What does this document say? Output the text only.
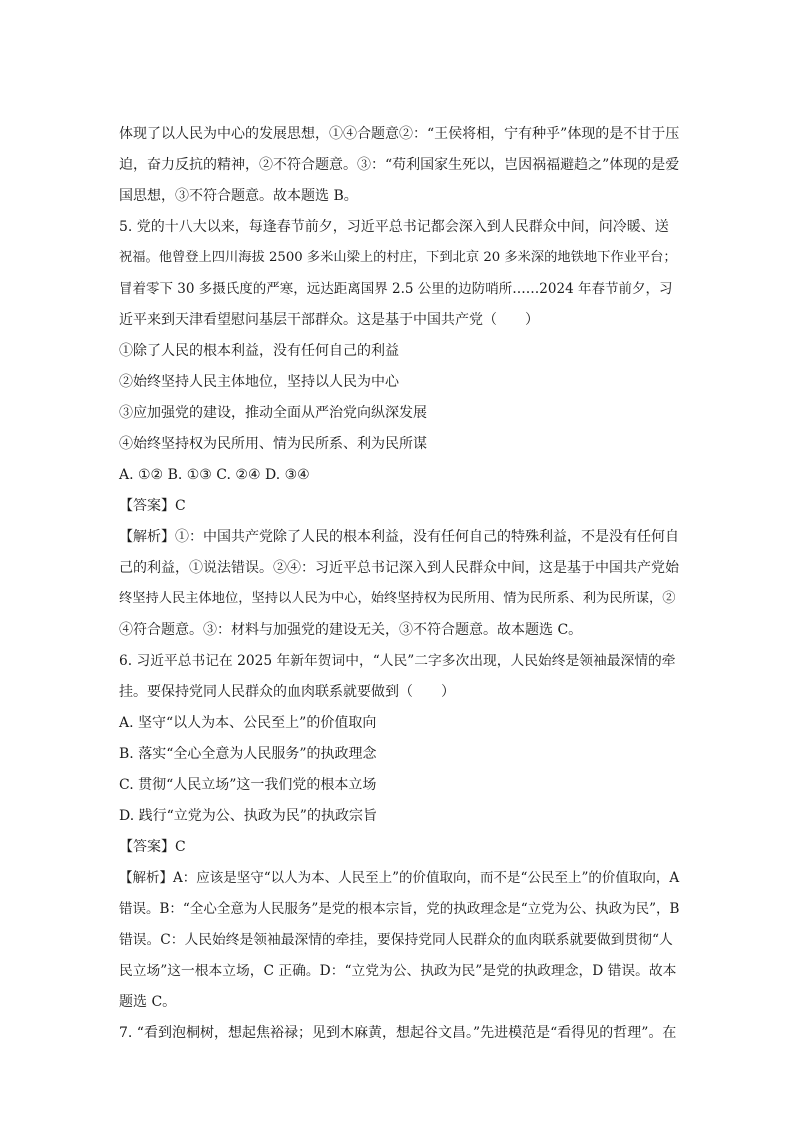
体现了以人民为中心的发展思想，①④合题意②：“王侯将相，宁有种乎”体现的是不甘于压
迫，奋力反抗的精神，②不符合题意。③：“苟利国家生死以，岂因祸福避趋之”体现的是爱
国思想，③不符合题意。故本题选 B。
5. 党的十八大以来，每逢春节前夕，习近平总书记都会深入到人民群众中间，问冷暖、送
祝福。他曾登上四川海拔 2500 多米山梁上的村庄，下到北京 20 多米深的地铁地下作业平台；
冒着零下 30 多摄氏度的严寒，远达距离国界 2.5 公里的边防哨所……2024 年春节前夕，习
近平来到天津看望慰问基层干部群众。这是基于中国共产党（　　）
①除了人民的根本利益，没有任何自己的利益
②始终坚持人民主体地位，坚持以人民为中心
③应加强党的建设，推动全面从严治党向纵深发展
④始终坚持权为民所用、情为民所系、利为民所谋
A. ①② B. ①③ C. ②④ D. ③④
【答案】C
【解析】①：中国共产党除了人民的根本利益，没有任何自己的特殊利益，不是没有任何自
己的利益，①说法错误。②④：习近平总书记深入到人民群众中间，这是基于中国共产党始
终坚持人民主体地位，坚持以人民为中心，始终坚持权为民所用、情为民所系、利为民所谋，②
④符合题意。③：材料与加强党的建设无关，③不符合题意。故本题选 C。
6. 习近平总书记在 2025 年新年贺词中，“人民”二字多次出现，人民始终是领袖最深情的牵
挂。要保持党同人民群众的血肉联系就要做到（　　）
A. 坚守“以人为本、公民至上”的价值取向
B. 落实“全心全意为人民服务”的执政理念
C. 贯彻“人民立场”这一我们党的根本立场
D. 践行“立党为公、执政为民”的执政宗旨
【答案】C
【解析】A：应该是坚守“以人为本、人民至上”的价值取向，而不是“公民至上”的价值取向，A
错误。B：“全心全意为人民服务”是党的根本宗旨，党的执政理念是“立党为公、执政为民”，B
错误。C：人民始终是领袖最深情的牵挂，要保持党同人民群众的血肉联系就要做到贯彻“人
民立场”这一根本立场，C 正确。D：“立党为公、执政为民”是党的执政理念，D 错误。故本
题选 C。
7. “看到泡桐树，想起焦裕禄；见到木麻黄，想起谷文昌。”先进模范是“看得见的哲理”。在
